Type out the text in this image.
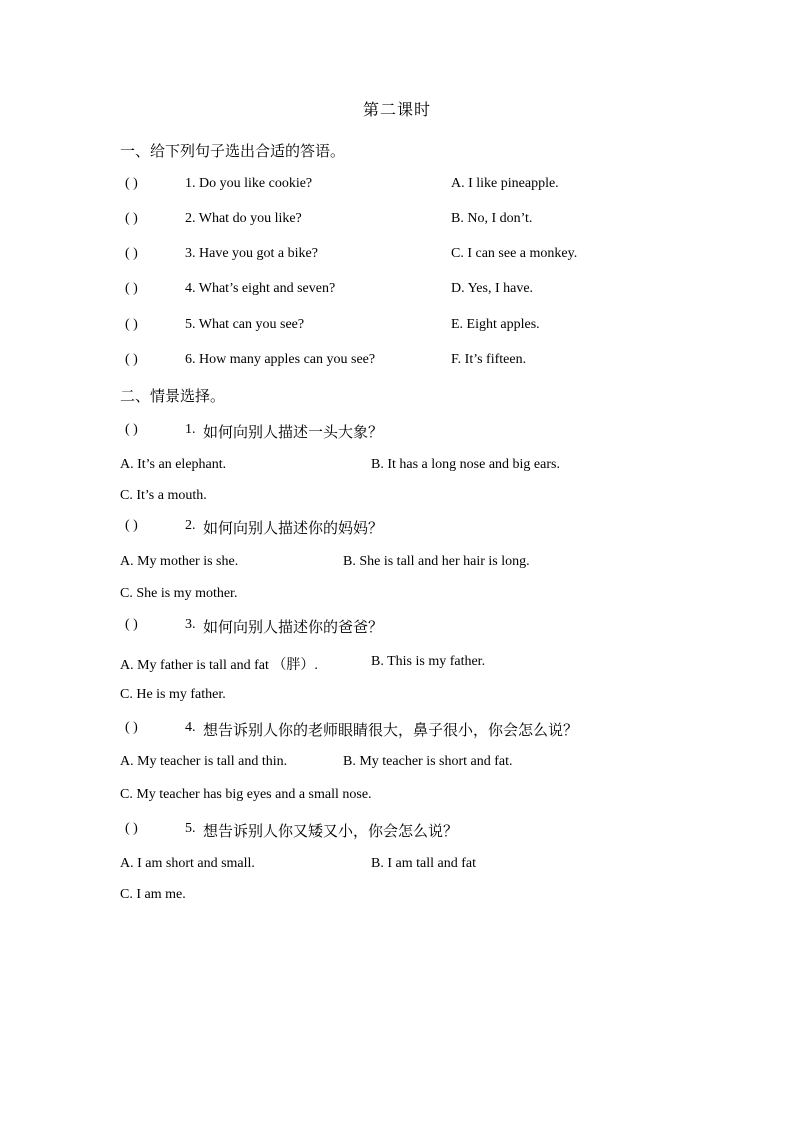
第二课时
一、给下列句子选出合适的答语。
( )	1. Do you like cookie?	A. I like pineapple.
( )	2. What do you like?	B. No, I don’t.
( )	3. Have you got a bike?	C. I can see a monkey.
( )	4. What’s eight and seven?	D. Yes, I have.
( )	5. What can you see?	E. Eight apples.
( )	6. How many apples can you see?	F. It’s fifteen.
二、情景选择。
( )	1. 如何向别人描述一头大象？
A. It’s an elephant.	B. It has a long nose and big ears.
C. It’s a mouth.
( )	2. 如何向别人描述你的妈妈？
A. My mother is she.	B. She is tall and her hair is long.
C. She is my mother.
( )	3. 如何向别人描述你的爸爸？
A. My father is tall and fat （胖）.	B. This is my father.
C. He is my father.
( )	4. 想告诉别人你的老师眼睛很大，鼻子很小，你会怎么说？
A. My teacher is tall and thin.	B. My teacher is short and fat.
C. My teacher has big eyes and a small nose.
( )	5. 想告诉别人你又矮又小，你会怎么说？
A. I am short and small.	B. I am tall and fat
C. I am me.
